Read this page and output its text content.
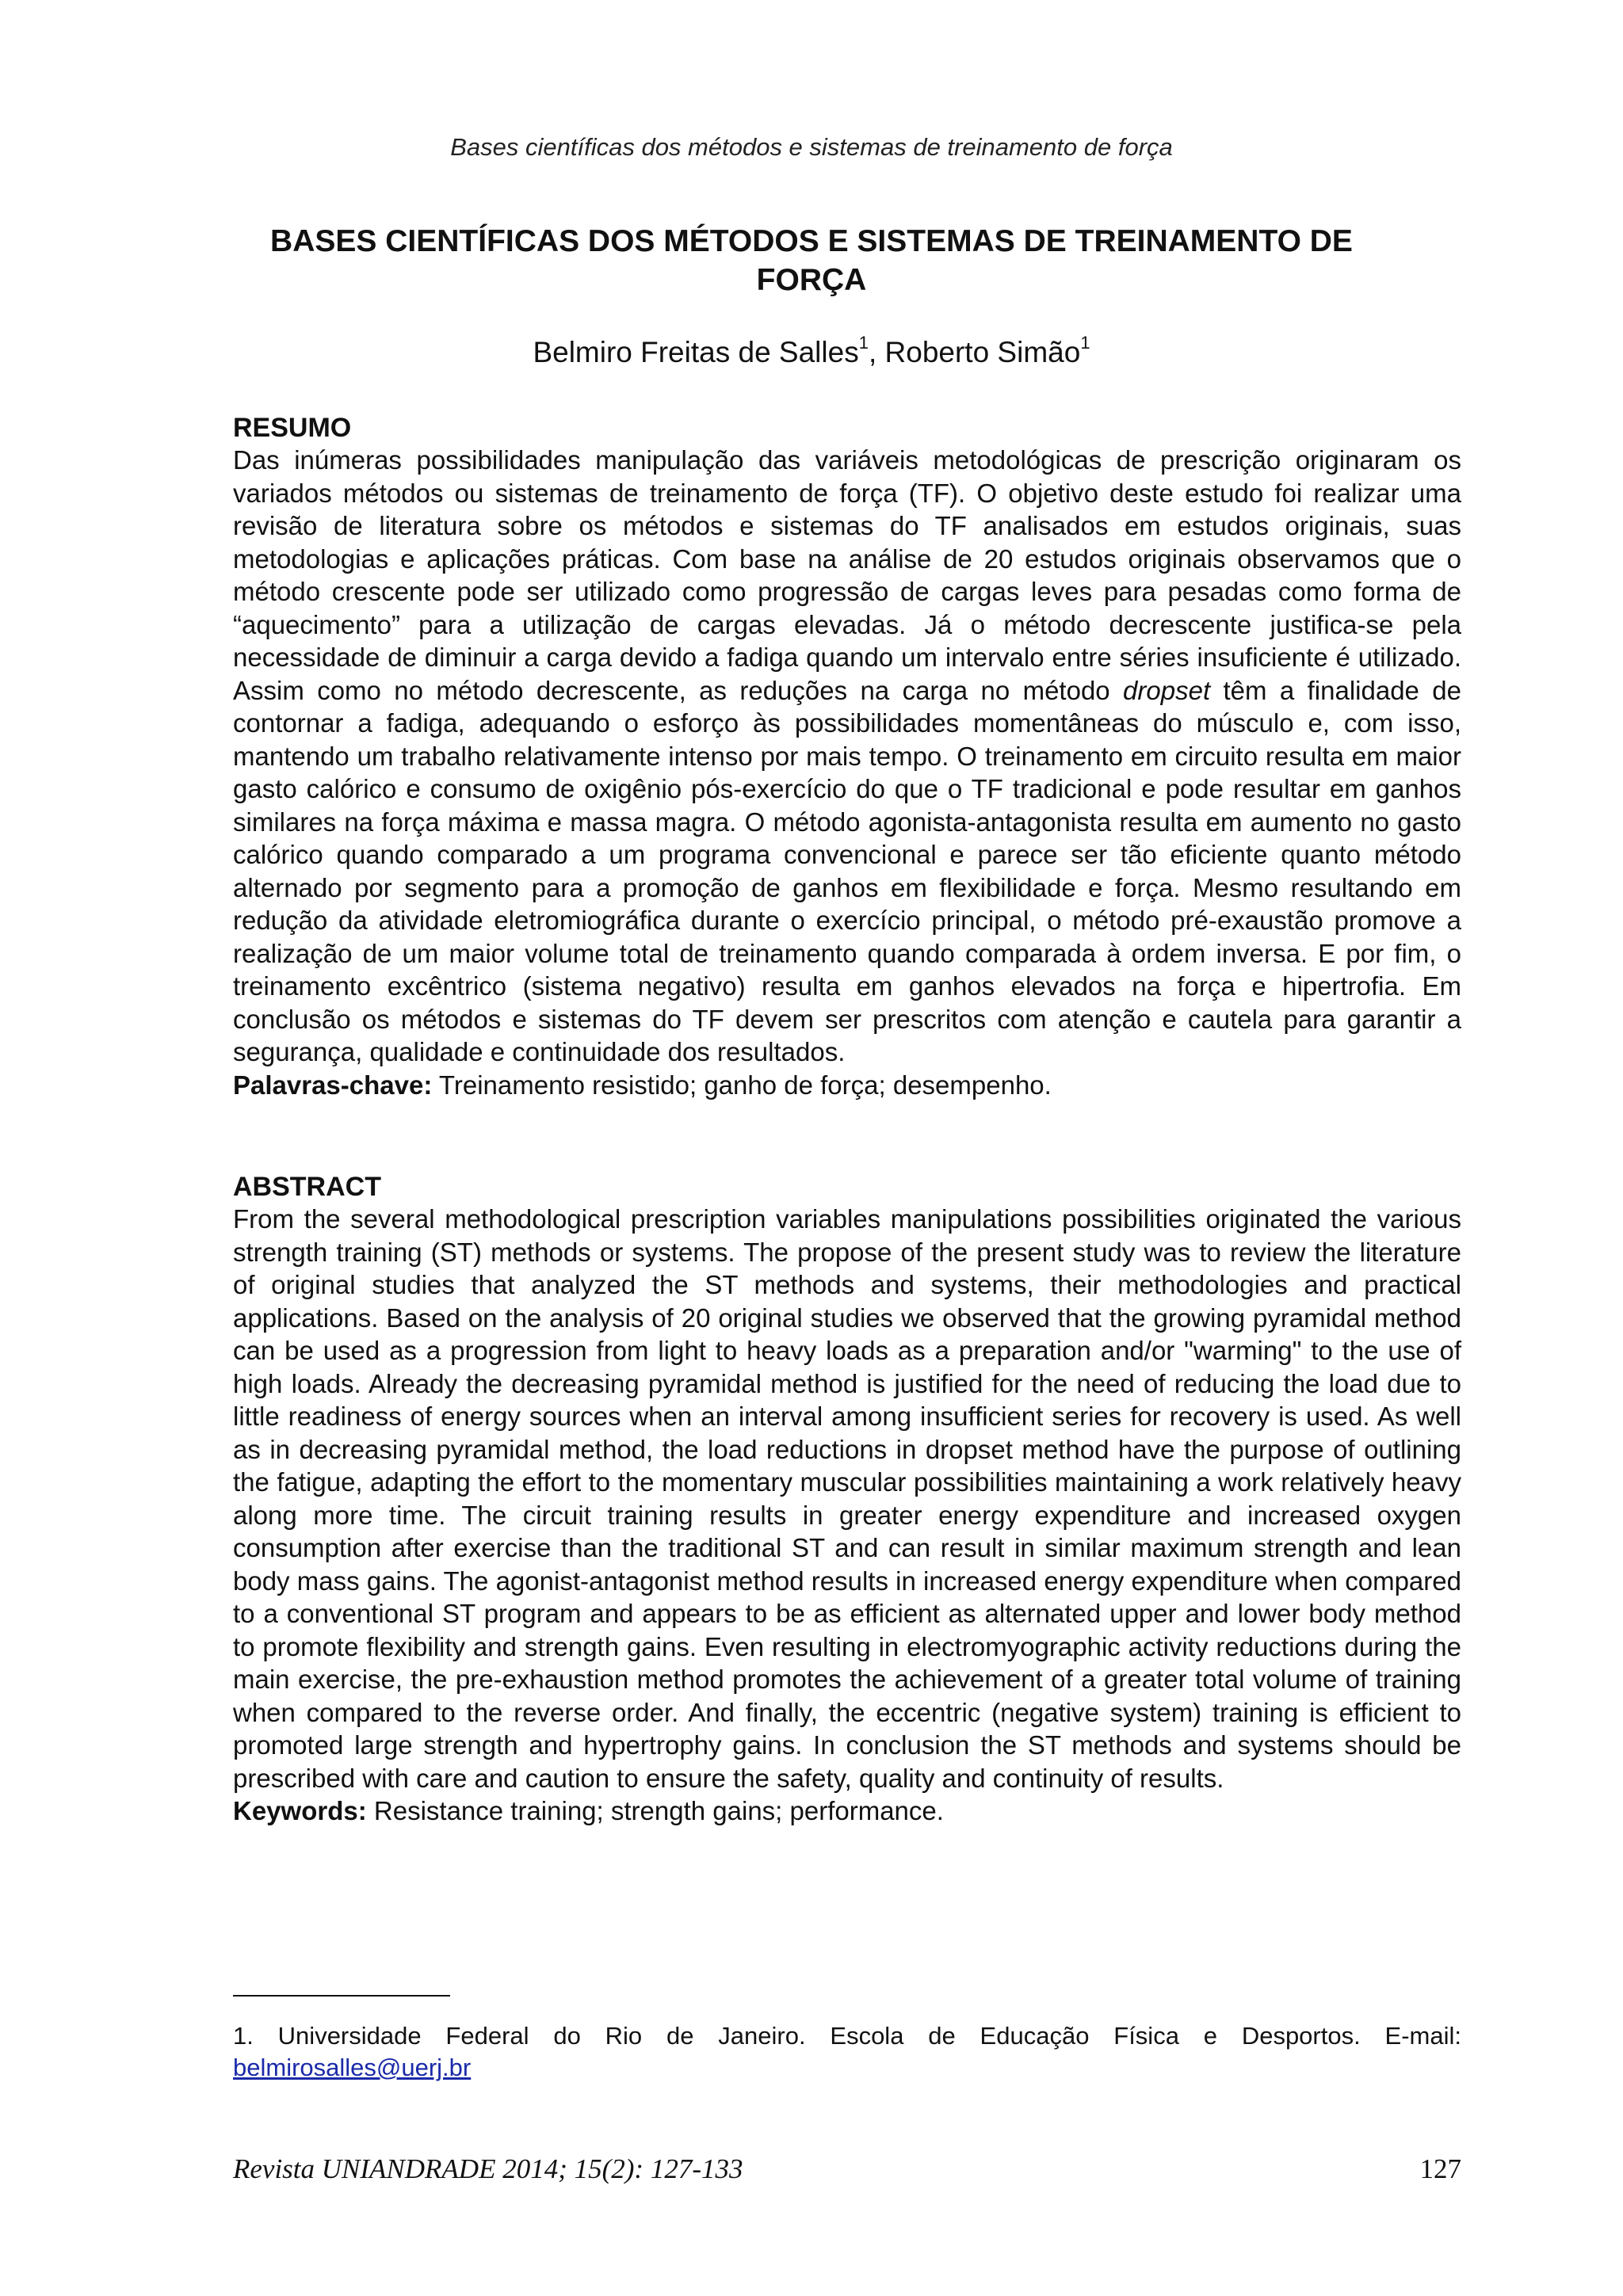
Bases científicas dos métodos e sistemas de treinamento de força
BASES CIENTÍFICAS DOS MÉTODOS E SISTEMAS DE TREINAMENTO DE FORÇA
Belmiro Freitas de Salles$^1$, Roberto Simão$^1$
RESUMO
Das inúmeras possibilidades manipulação das variáveis metodológicas de prescrição originaram os variados métodos ou sistemas de treinamento de força (TF). O objetivo deste estudo foi realizar uma revisão de literatura sobre os métodos e sistemas do TF analisados em estudos originais, suas metodologias e aplicações práticas. Com base na análise de 20 estudos originais observamos que o método crescente pode ser utilizado como progressão de cargas leves para pesadas como forma de “aquecimento” para a utilização de cargas elevadas. Já o método decrescente justifica-se pela necessidade de diminuir a carga devido a fadiga quando um intervalo entre séries insuficiente é utilizado. Assim como no método decrescente, as reduções na carga no método dropset têm a finalidade de contornar a fadiga, adequando o esforço às possibilidades momentâneas do músculo e, com isso, mantendo um trabalho relativamente intenso por mais tempo. O treinamento em circuito resulta em maior gasto calórico e consumo de oxigênio pós-exercício do que o TF tradicional e pode resultar em ganhos similares na força máxima e massa magra. O método agonista-antagonista resulta em aumento no gasto calórico quando comparado a um programa convencional e parece ser tão eficiente quanto método alternado por segmento para a promoção de ganhos em flexibilidade e força. Mesmo resultando em redução da atividade eletromiográfica durante o exercício principal, o método pré-exaustão promove a realização de um maior volume total de treinamento quando comparada à ordem inversa. E por fim, o treinamento excêntrico (sistema negativo) resulta em ganhos elevados na força e hipertrofia. Em conclusão os métodos e sistemas do TF devem ser prescritos com atenção e cautela para garantir a segurança, qualidade e continuidade dos resultados.
Palavras-chave: Treinamento resistido; ganho de força; desempenho.
ABSTRACT
From the several methodological prescription variables manipulations possibilities originated the various strength training (ST) methods or systems. The propose of the present study was to review the literature of original studies that analyzed the ST methods and systems, their methodologies and practical applications. Based on the analysis of 20 original studies we observed that the growing pyramidal method can be used as a progression from light to heavy loads as a preparation and/or "warming" to the use of high loads. Already the decreasing pyramidal method is justified for the need of reducing the load due to little readiness of energy sources when an interval among insufficient series for recovery is used. As well as in decreasing pyramidal method, the load reductions in dropset method have the purpose of outlining the fatigue, adapting the effort to the momentary muscular possibilities maintaining a work relatively heavy along more time. The circuit training results in greater energy expenditure and increased oxygen consumption after exercise than the traditional ST and can result in similar maximum strength and lean body mass gains. The agonist-antagonist method results in increased energy expenditure when compared to a conventional ST program and appears to be as efficient as alternated upper and lower body method to promote flexibility and strength gains. Even resulting in electromyographic activity reductions during the main exercise, the pre-exhaustion method promotes the achievement of a greater total volume of training when compared to the reverse order. And finally, the eccentric (negative system) training is efficient to promoted large strength and hypertrophy gains. In conclusion the ST methods and systems should be prescribed with care and caution to ensure the safety, quality and continuity of results.
Keywords: Resistance training; strength gains; performance.
1. Universidade Federal do Rio de Janeiro. Escola de Educação Física e Desportos. E-mail:
belmirosalles@uerj.br
Revista UNIANDRADE 2014; 15(2): 127-133	127
